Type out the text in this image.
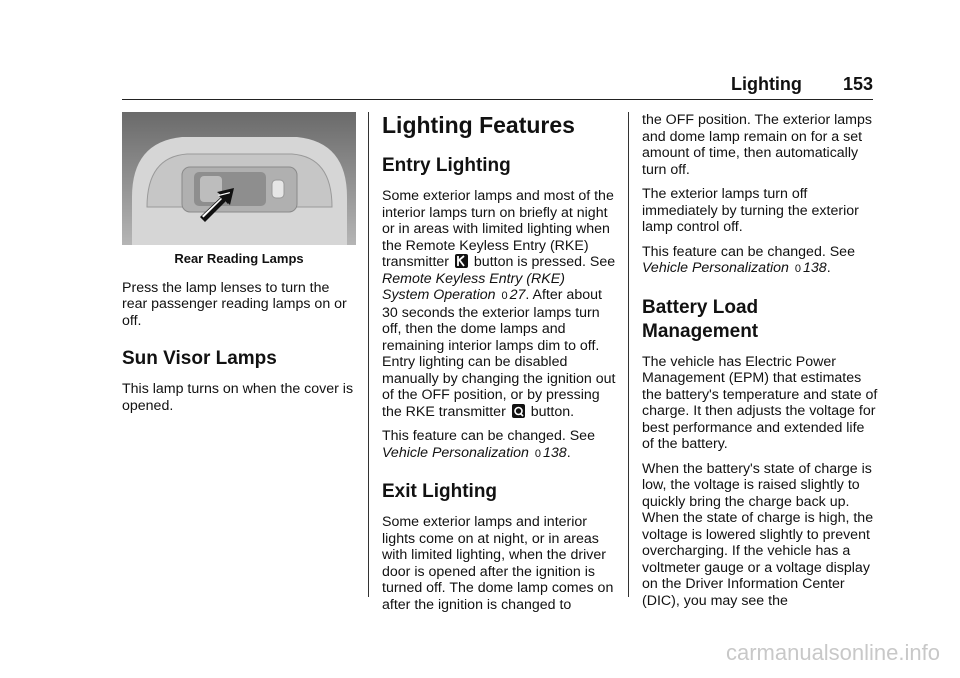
Lighting 153
Rear Reading Lamps

Press the lamp lenses to turn the rear passenger reading lamps on or off.

Sun Visor Lamps

This lamp turns on when the cover is opened.

Lighting Features
Entry Lighting

Some exterior lamps and most of the interior lamps turn on briefly at night or in areas with limited lighting when the Remote Keyless Entry (RKE) transmitter button is pressed. See Remote Keyless Entry (RKE) System Operation 0 27. After about 30 seconds the exterior lamps turn off, then the dome lamps and remaining interior lamps dim to off. Entry lighting can be disabled manually by changing the ignition out of the OFF position, or by pressing the RKE transmitter button.

This feature can be changed. See Vehicle Personalization 0 138.

Exit Lighting

Some exterior lamps and interior lights come on at night, or in areas with limited lighting, when the driver door is opened after the ignition is turned off. The dome lamp comes on after the ignition is changed to

the OFF position. The exterior lamps and dome lamp remain on for a set amount of time, then automatically turn off.

The exterior lamps turn off immediately by turning the exterior lamp control off.

This feature can be changed. See Vehicle Personalization 0 138.

Battery Load Management

The vehicle has Electric Power Management (EPM) that estimates the battery's temperature and state of charge. It then adjusts the voltage for best performance and extended life of the battery.

When the battery's state of charge is low, the voltage is raised slightly to quickly bring the charge back up. When the state of charge is high, the voltage is lowered slightly to prevent overcharging. If the vehicle has a voltmeter gauge or a voltage display on the Driver Information Center (DIC), you may see the

carmanualsonline.info
